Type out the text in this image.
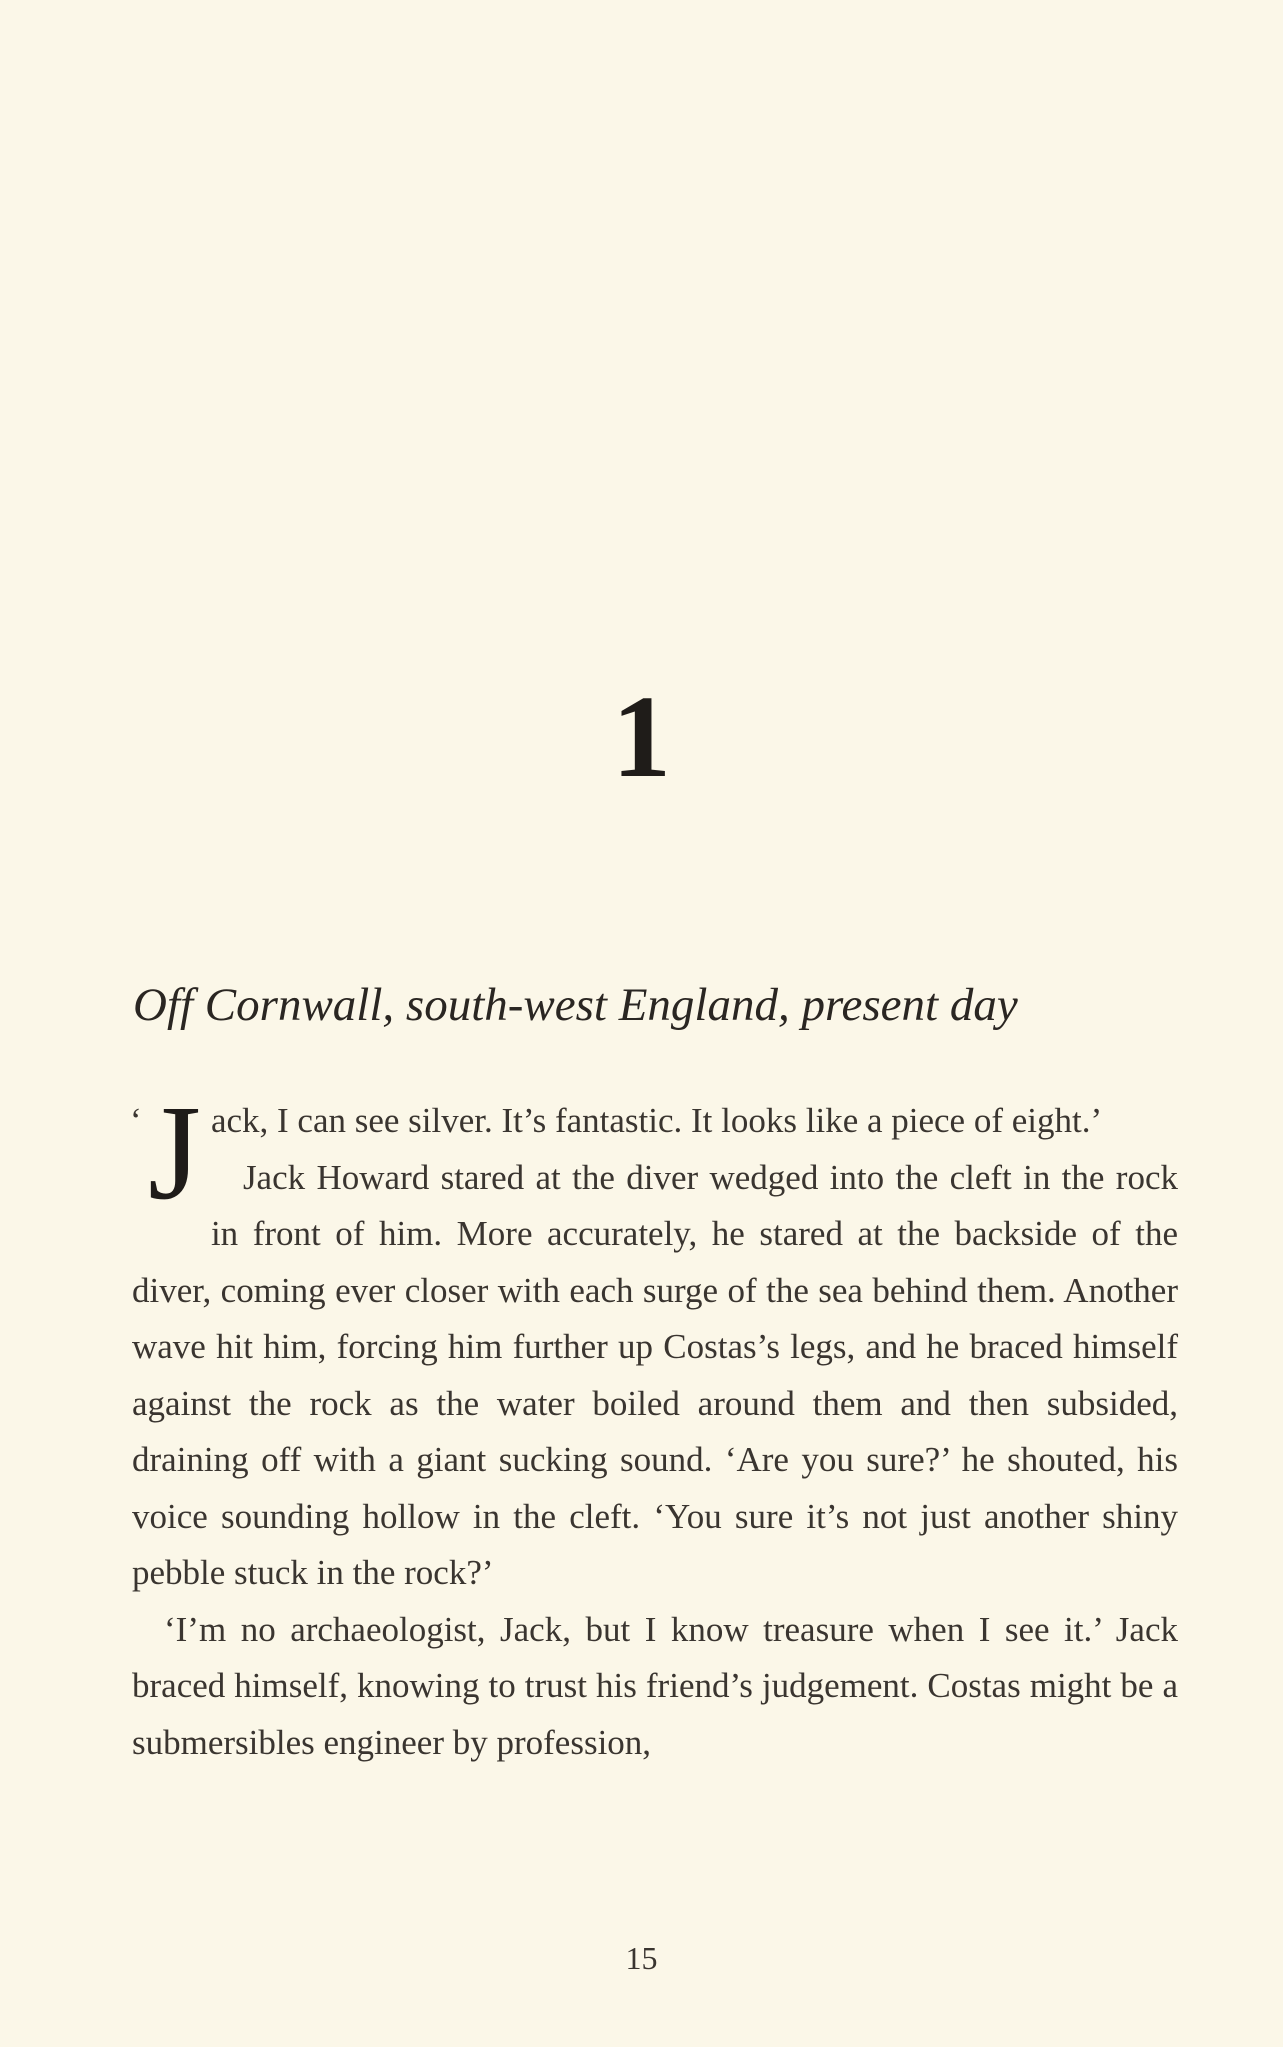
1
Off Cornwall, south-west England, present day

‘ J ack, I can see silver. It’s fantastic. It looks like a piece of eight.’

Jack Howard stared at the diver wedged into the cleft in the rock in front of him. More accurately, he stared at the backside of the diver, coming ever closer with each surge of the sea behind them. Another wave hit him, forcing him further up Costas’s legs, and he braced himself against the rock as the water boiled around them and then subsided, draining off with a giant sucking sound. ‘Are you sure?’ he shouted, his voice sounding hollow in the cleft. ‘You sure it’s not just another shiny pebble stuck in the rock?’

‘I’m no archaeologist, Jack, but I know treasure when I see it.’ Jack braced himself, knowing to trust his friend’s judgement. Costas might be a submersibles engineer by profession,

15
